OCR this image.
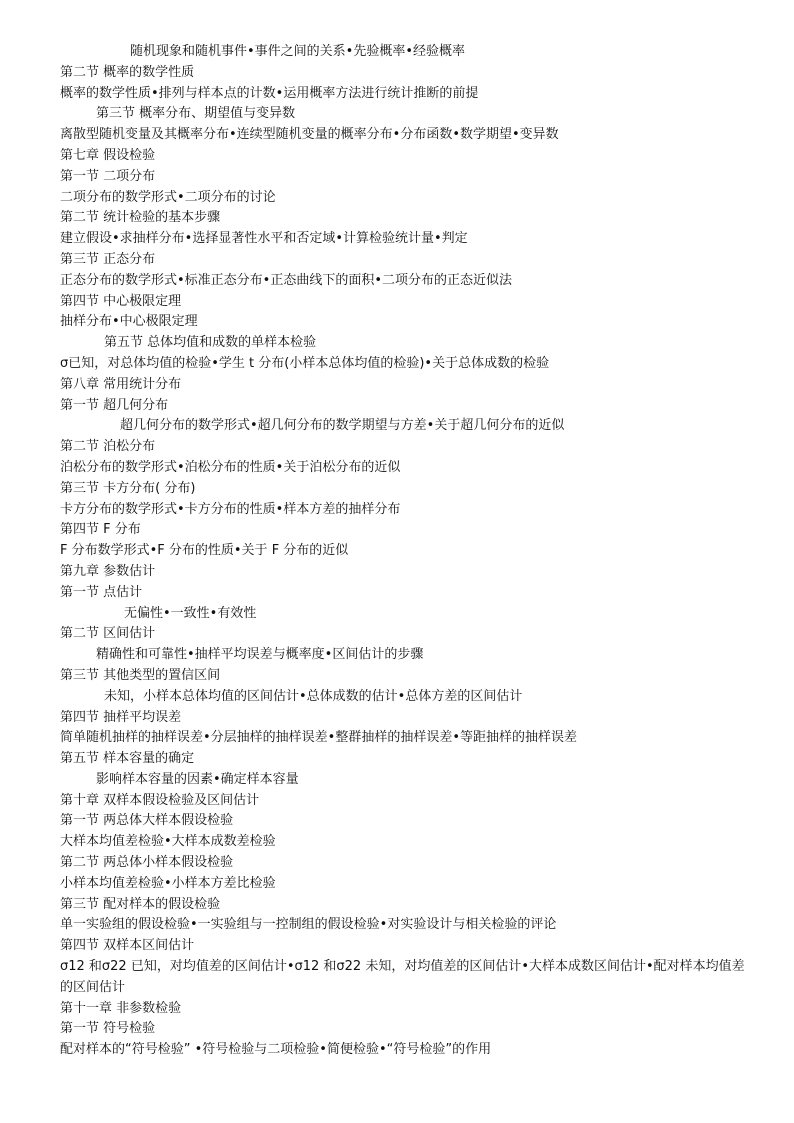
随机现象和随机事件•事件之间的关系•先验概率•经验概率
第二节 概率的数学性质
概率的数学性质•排列与样本点的计数•运用概率方法进行统计推断的前提
第三节 概率分布、期望值与变异数
离散型随机变量及其概率分布•连续型随机变量的概率分布•分布函数•数学期望•变异数
第七章 假设检验
第一节 二项分布
二项分布的数学形式•二项分布的讨论
第二节 统计检验的基本步骤
建立假设•求抽样分布•选择显著性水平和否定域•计算检验统计量•判定
第三节 正态分布
正态分布的数学形式•标准正态分布•正态曲线下的面积•二项分布的正态近似法
第四节 中心极限定理
抽样分布•中心极限定理
第五节 总体均值和成数的单样本检验
σ已知，对总体均值的检验•学生 t 分布(小样本总体均值的检验)•关于总体成数的检验
第八章 常用统计分布
第一节 超几何分布
超几何分布的数学形式•超几何分布的数学期望与方差•关于超几何分布的近似
第二节 泊松分布
泊松分布的数学形式•泊松分布的性质•关于泊松分布的近似
第三节 卡方分布( 分布)
卡方分布的数学形式•卡方分布的性质•样本方差的抽样分布
第四节 F 分布
F 分布数学形式•F 分布的性质•关于 F 分布的近似
第九章 参数估计
第一节 点估计
无偏性•一致性•有效性
第二节 区间估计
精确性和可靠性•抽样平均误差与概率度•区间估计的步骤
第三节 其他类型的置信区间
未知，小样本总体均值的区间估计•总体成数的估计•总体方差的区间估计
第四节 抽样平均误差
简单随机抽样的抽样误差•分层抽样的抽样误差•整群抽样的抽样误差•等距抽样的抽样误差
第五节 样本容量的确定
影响样本容量的因素•确定样本容量
第十章 双样本假设检验及区间估计
第一节 两总体大样本假设检验
大样本均值差检验•大样本成数差检验
第二节 两总体小样本假设检验
小样本均值差检验•小样本方差比检验
第三节 配对样本的假设检验
单一实验组的假设检验•一实验组与一控制组的假设检验•对实验设计与相关检验的评论
第四节 双样本区间估计
σ12 和σ22 已知，对均值差的区间估计•σ12 和σ22 未知，对均值差的区间估计•大样本成数区间估计•配对样本均值差的区间估计
第十一章 非参数检验
第一节 符号检验
配对样本的“符号检验” •符号检验与二项检验•简便检验•“符号检验”的作用
